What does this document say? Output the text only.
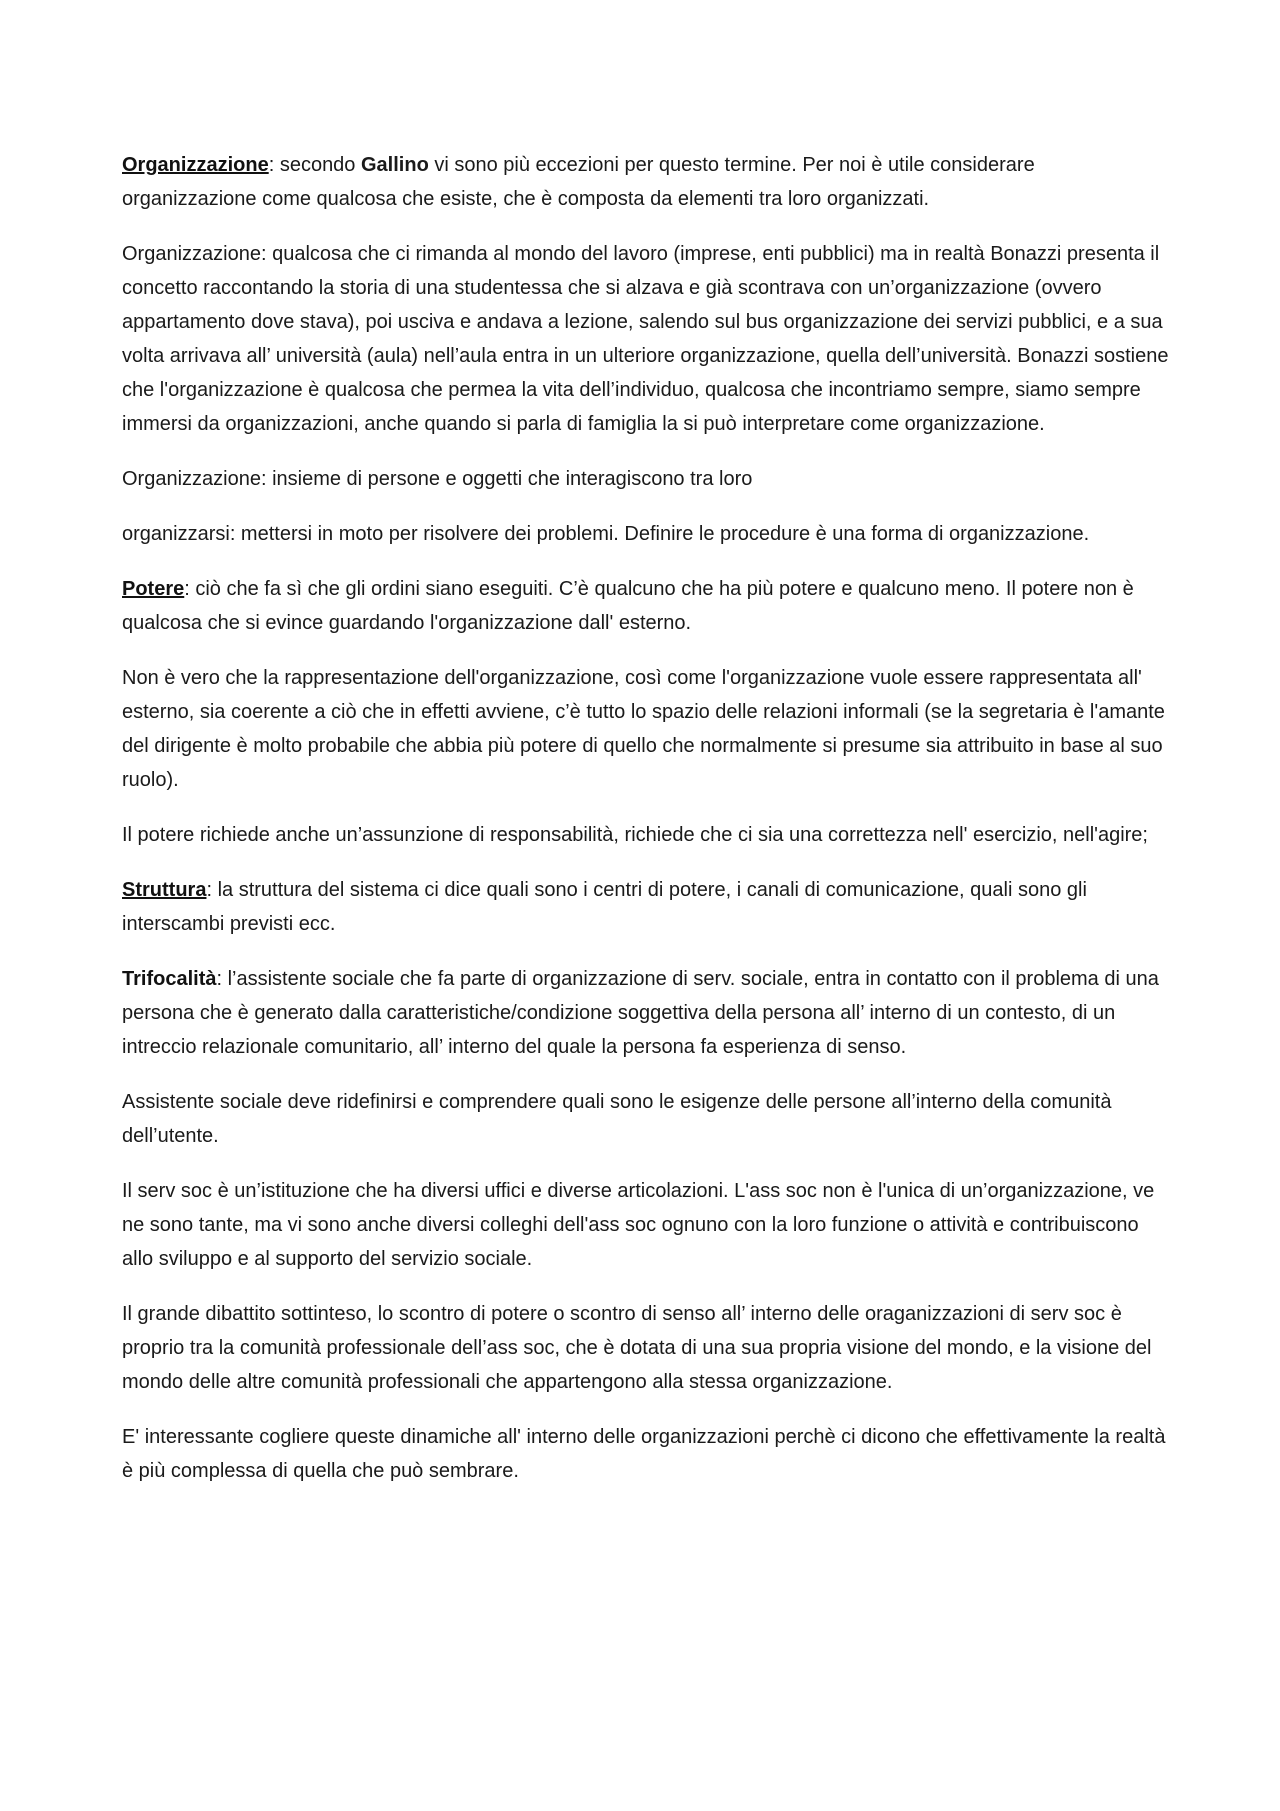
Organizzazione: secondo Gallino vi sono più eccezioni per questo termine. Per noi è utile considerare organizzazione come qualcosa che esiste, che è composta da elementi tra loro organizzati.

Organizzazione: qualcosa che ci rimanda al mondo del lavoro (imprese, enti pubblici) ma in realtà Bonazzi presenta il concetto raccontando la storia di una studentessa che si alzava e già scontrava con un’organizzazione (ovvero appartamento dove stava), poi usciva e andava a lezione, salendo sul bus organizzazione dei servizi pubblici, e a sua volta arrivava all’ università (aula) nell’aula entra in un ulteriore organizzazione, quella dell’università. Bonazzi sostiene che l'organizzazione è qualcosa che permea la vita dell’individuo, qualcosa che incontriamo sempre, siamo sempre immersi da organizzazioni, anche quando si parla di famiglia la si può interpretare come organizzazione.

Organizzazione: insieme di persone e oggetti che interagiscono tra loro

organizzarsi: mettersi in moto per risolvere dei problemi. Definire le procedure è una forma di organizzazione.

Potere: ciò che fa sì che gli ordini siano eseguiti. C’è qualcuno che ha più potere e qualcuno meno. Il potere non è qualcosa che si evince guardando l'organizzazione dall' esterno.

Non è vero che la rappresentazione dell'organizzazione, così come l'organizzazione vuole essere rappresentata all' esterno, sia coerente a ciò che in effetti avviene, c’è tutto lo spazio delle relazioni informali (se la segretaria è l'amante del dirigente è molto probabile che abbia più potere di quello che normalmente si presume sia attribuito in base al suo ruolo).

Il potere richiede anche un’assunzione di responsabilità, richiede che ci sia una correttezza nell' esercizio, nell'agire;

Struttura: la struttura del sistema ci dice quali sono i centri di potere, i canali di comunicazione, quali sono gli interscambi previsti ecc.

Trifocalità: l’assistente sociale che fa parte di organizzazione di serv. sociale, entra in contatto con il problema di una persona che è generato dalla caratteristiche/condizione soggettiva della persona all’ interno di un contesto, di un intreccio relazionale comunitario, all’ interno del quale la persona fa esperienza di senso.

Assistente sociale deve ridefinirsi e comprendere quali sono le esigenze delle persone all’interno della comunità dell’utente.

Il serv soc è un’istituzione che ha diversi uffici e diverse articolazioni. L'ass soc non è l'unica di un’organizzazione, ve ne sono tante, ma vi sono anche diversi colleghi dell'ass soc ognuno con la loro funzione o attività e contribuiscono allo sviluppo e al supporto del servizio sociale.

Il grande dibattito sottinteso, lo scontro di potere o scontro di senso all’ interno delle oraganizzazioni di serv soc è proprio tra la comunità professionale dell’ass soc, che è dotata di una sua propria visione del mondo, e la visione del mondo delle altre comunità professionali che appartengono alla stessa organizzazione.

E' interessante cogliere queste dinamiche all' interno delle organizzazioni perchè ci dicono che effettivamente la realtà è più complessa di quella che può sembrare.
